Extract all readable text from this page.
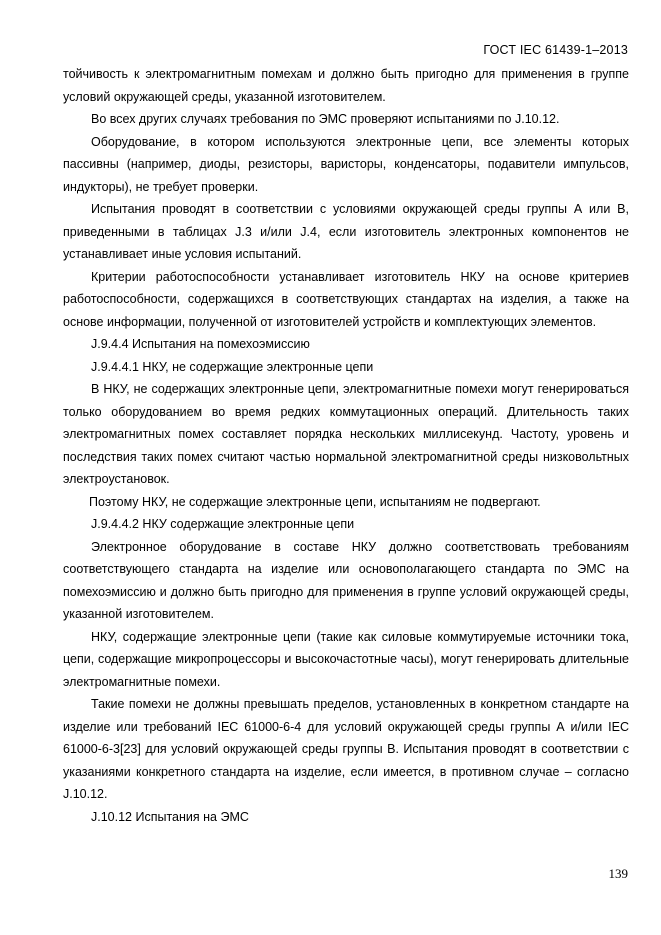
ГОСТ IEC 61439-1–2013

тойчивость к электромагнитным помехам и должно быть пригодно для применения в группе условий окружающей среды, указанной изготовителем.

Во всех других случаях требования по ЭМС проверяют испытаниями по J.10.12.

Оборудование, в котором используются электронные цепи, все элементы которых пассивны (например, диоды, резисторы, варисторы, конденсаторы, подавители импульсов, индукторы), не требует проверки.

Испытания проводят в соответствии с условиями окружающей среды группы А или В, приведенными в таблицах J.3 и/или J.4, если изготовитель электронных компонентов не устанавливает иные условия испытаний.

Критерии работоспособности устанавливает изготовитель НКУ на основе критериев работоспособности, содержащихся в соответствующих стандартах на изделия, а также на основе информации, полученной от изготовителей устройств и комплектующих элементов.

J.9.4.4 Испытания на помехоэмиссию

J.9.4.4.1 НКУ, не содержащие электронные цепи

В НКУ, не содержащих электронные цепи, электромагнитные помехи могут генерироваться только оборудованием во время редких коммутационных операций. Длительность таких электромагнитных помех составляет порядка нескольких миллисекунд. Частоту, уровень и последствия таких помех считают частью нормальной электромагнитной среды низковольтных электроустановок.

Поэтому НКУ, не содержащие электронные цепи, испытаниям не подвергают.

J.9.4.4.2 НКУ содержащие электронные цепи

Электронное оборудование в составе НКУ должно соответствовать требованиям соответствующего стандарта на изделие или основополагающего стандарта по ЭМС на помехоэмиссию и должно быть пригодно для применения в группе условий окружающей среды, указанной изготовителем.

НКУ, содержащие электронные цепи (такие как силовые коммутируемые источники тока, цепи, содержащие микропроцессоры и высокочастотные часы), могут генерировать длительные электромагнитные помехи.

Такие помехи не должны превышать пределов, установленных в конкретном стандарте на изделие или требований IEC 61000-6-4 для условий окружающей среды группы А и/или IEC 61000-6-3[23] для условий окружающей среды группы В. Испытания проводят в соответствии с указаниями конкретного стандарта на изделие, если имеется, в противном случае – согласно J.10.12.

J.10.12 Испытания на ЭМС

139
